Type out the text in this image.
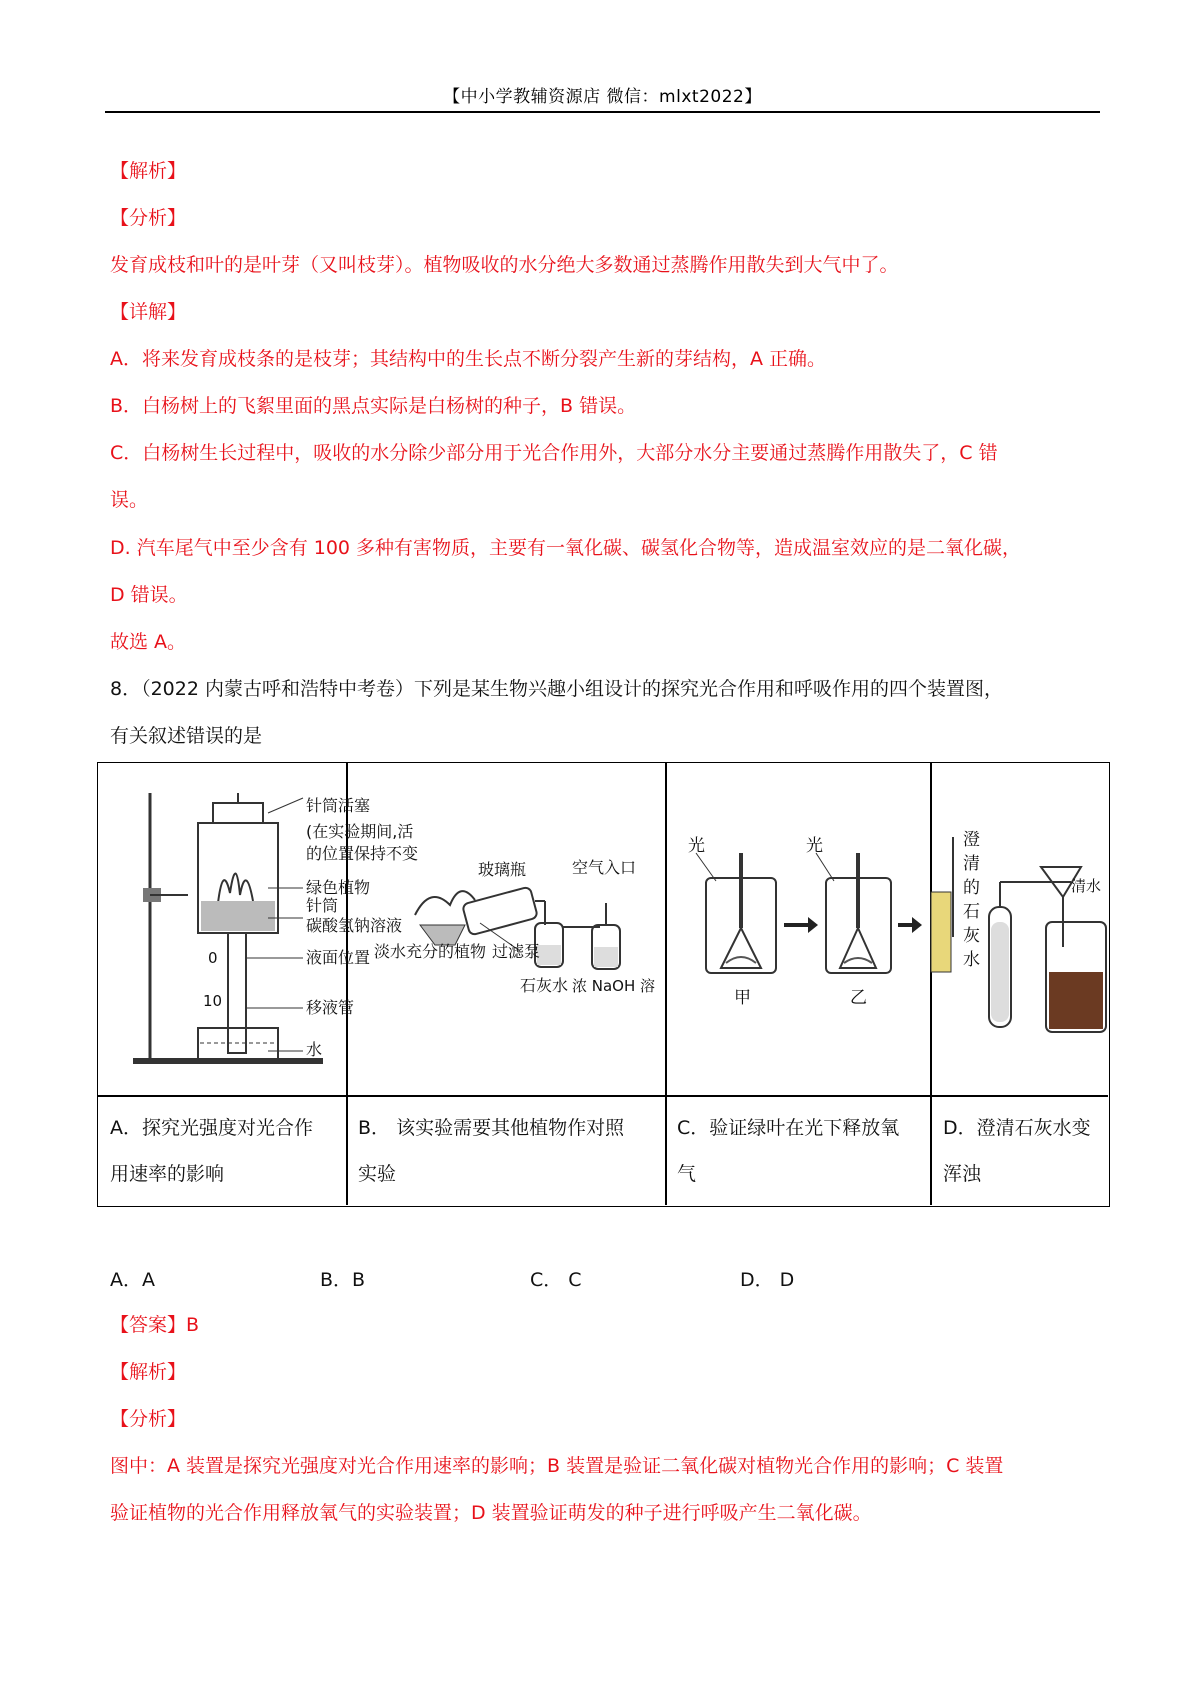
【中小学教辅资源店 微信：mlxt2022】
【解析】
【分析】
发育成枝和叶的是叶芽（又叫枝芽）。植物吸收的水分绝大多数通过蒸腾作用散失到大气中了。
【详解】
A．将来发育成枝条的是枝芽；其结构中的生长点不断分裂产生新的芽结构，A 正确。
B．白杨树上的飞絮里面的黑点实际是白杨树的种子，B 错误。
C．白杨树生长过程中，吸收的水分除少部分用于光合作用外，大部分水分主要通过蒸腾作用散失了，C 错
误。
D. 汽车尾气中至少含有 100 多种有害物质，主要有一氧化碳、碳氢化合物等，造成温室效应的是二氧化碳，
D 错误。
故选 A。
8．（2022 内蒙古呼和浩特中考卷）下列是某生物兴趣小组设计的探究光合作用和呼吸作用的四个装置图，
有关叙述错误的是
针筒活塞
(在实验期间,活
的位置保持不变
绿色植物
针筒
碳酸氢钠溶液
液面位置
移液管
水
0
10
玻璃瓶	空气入口
过滤泵
淡水充分的植物
石灰水 浓 NaOH 溶
光	光
甲	乙
澄
清
的
石
灰
水
清水
A．探究光强度对光合作
用速率的影响
B． 该实验需要其他植物作对照
实验
C．验证绿叶在光下释放氧
气
D．澄清石灰水变
浑浊
A．A	B．B	C． C	D． D
【答案】B
【解析】
【分析】
图中：A 装置是探究光强度对光合作用速率的影响；B 装置是验证二氧化碳对植物光合作用的影响；C 装置
验证植物的光合作用释放氧气的实验装置；D 装置验证萌发的种子进行呼吸产生二氧化碳。
